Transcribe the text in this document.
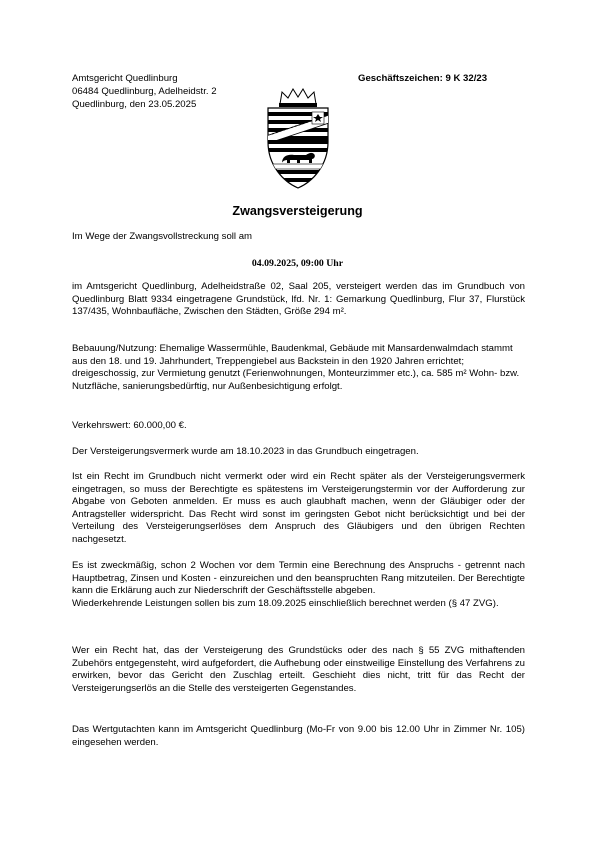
Amtsgericht Quedlinburg
06484 Quedlinburg, Adelheidstr. 2
Quedlinburg, den 23.05.2025
Geschäftszeichen: 9 K 32/23
Zwangsversteigerung

Im Wege der Zwangsvollstreckung soll am

04.09.2025, 09:00 Uhr

im Amtsgericht Quedlinburg, Adelheidstraße 02, Saal 205, versteigert werden das im Grundbuch von Quedlinburg Blatt 9334 eingetragene Grundstück, lfd. Nr. 1: Gemarkung Quedlinburg, Flur 37, Flurstück 137/435, Wohnbaufläche, Zwischen den Städten, Größe 294 m².

Bebauung/Nutzung: Ehemalige Wassermühle, Baudenkmal, Gebäude mit Mansardenwalmdach stammt aus den 18. und 19. Jahrhundert, Treppengiebel aus Backstein in den 1920 Jahren errichtet; dreigeschossig, zur Vermietung genutzt (Ferienwohnungen, Monteurzimmer etc.), ca. 585 m² Wohn- bzw. Nutzfläche, sanierungsbedürftig, nur Außenbesichtigung erfolgt.

Verkehrswert: 60.000,00 €.

Der Versteigerungsvermerk wurde am 18.10.2023 in das Grundbuch eingetragen.

Ist ein Recht im Grundbuch nicht vermerkt oder wird ein Recht später als der Versteigerungsvermerk eingetragen, so muss der Berechtigte es spätestens im Versteigerungstermin vor der Aufforderung zur Abgabe von Geboten anmelden. Er muss es auch glaubhaft machen, wenn der Gläubiger oder der Antragsteller widerspricht. Das Recht wird sonst im geringsten Gebot nicht berücksichtigt und bei der Verteilung des Versteigerungserlöses dem Anspruch des Gläubigers und den übrigen Rechten nachgesetzt.

Es ist zweckmäßig, schon 2 Wochen vor dem Termin eine Berechnung des Anspruchs - getrennt nach Hauptbetrag, Zinsen und Kosten - einzureichen und den beanspruchten Rang mitzuteilen. Der Berechtigte kann die Erklärung auch zur Niederschrift der Geschäftsstelle abgeben.

Wiederkehrende Leistungen sollen bis zum 18.09.2025 einschließlich berechnet werden (§ 47 ZVG).

Wer ein Recht hat, das der Versteigerung des Grundstücks oder des nach § 55 ZVG mithaftenden Zubehörs entgegensteht, wird aufgefordert, die Aufhebung oder einstweilige Einstellung des Verfahrens zu erwirken, bevor das Gericht den Zuschlag erteilt. Geschieht dies nicht, tritt für das Recht der Versteigerungserlös an die Stelle des versteigerten Gegenstandes.

Das Wertgutachten kann im Amtsgericht Quedlinburg (Mo-Fr von 9.00 bis 12.00 Uhr in Zimmer Nr. 105) eingesehen werden.
